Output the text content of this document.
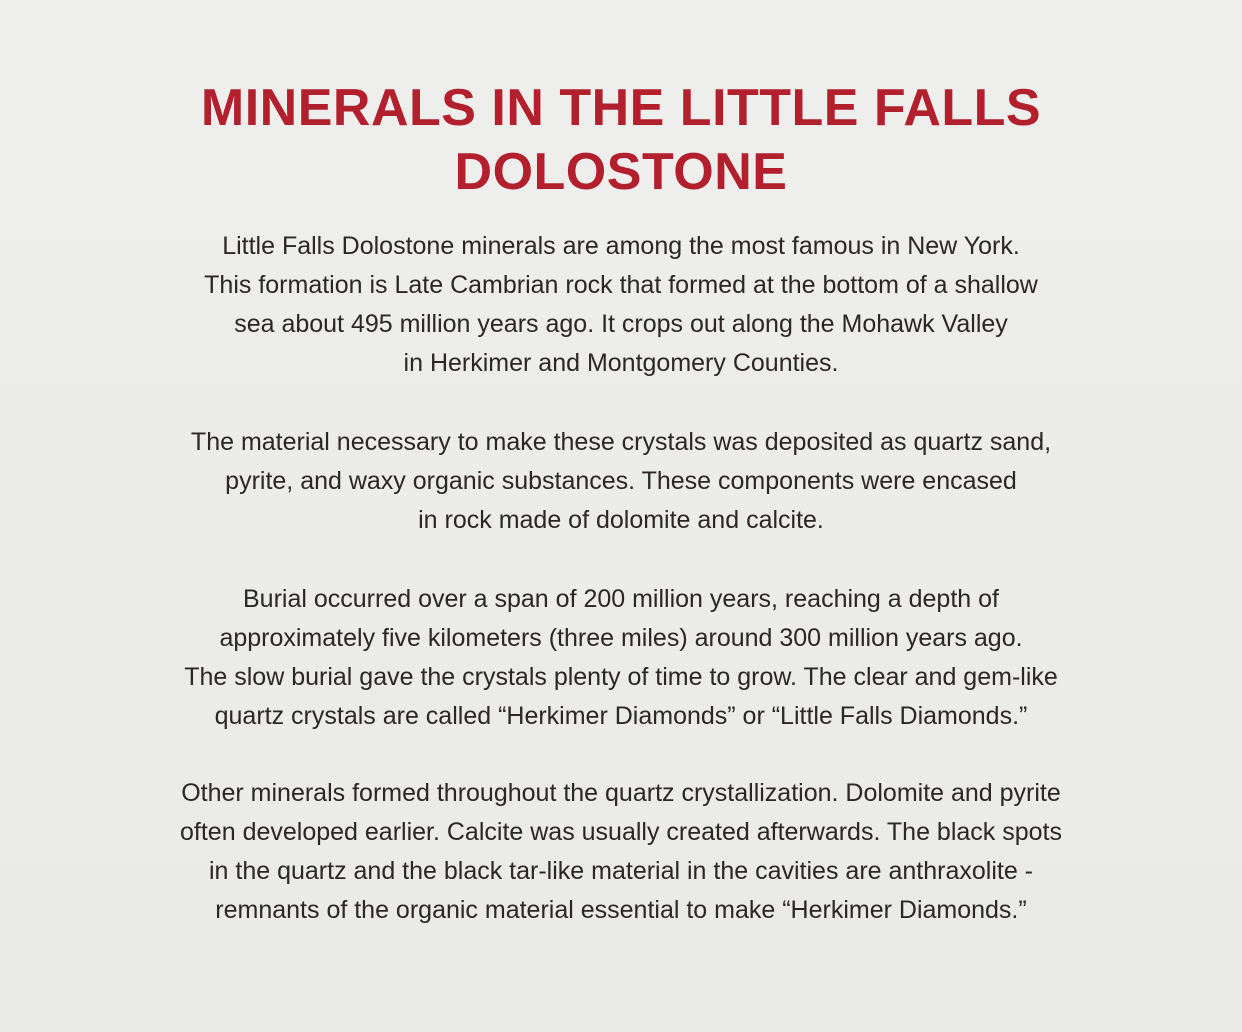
MINERALS IN THE LITTLE FALLS
DOLOSTONE

Little Falls Dolostone minerals are among the most famous in New York.
This formation is Late Cambrian rock that formed at the bottom of a shallow
sea about 495 million years ago. It crops out along the Mohawk Valley
in Herkimer and Montgomery Counties.

The material necessary to make these crystals was deposited as quartz sand,
pyrite, and waxy organic substances. These components were encased
in rock made of dolomite and calcite.

Burial occurred over a span of 200 million years, reaching a depth of
approximately five kilometers (three miles) around 300 million years ago.
The slow burial gave the crystals plenty of time to grow. The clear and gem-like
quartz crystals are called “Herkimer Diamonds” or “Little Falls Diamonds.”

Other minerals formed throughout the quartz crystallization. Dolomite and pyrite
often developed earlier. Calcite was usually created afterwards. The black spots
in the quartz and the black tar-like material in the cavities are anthraxolite -
remnants of the organic material essential to make “Herkimer Diamonds.”
